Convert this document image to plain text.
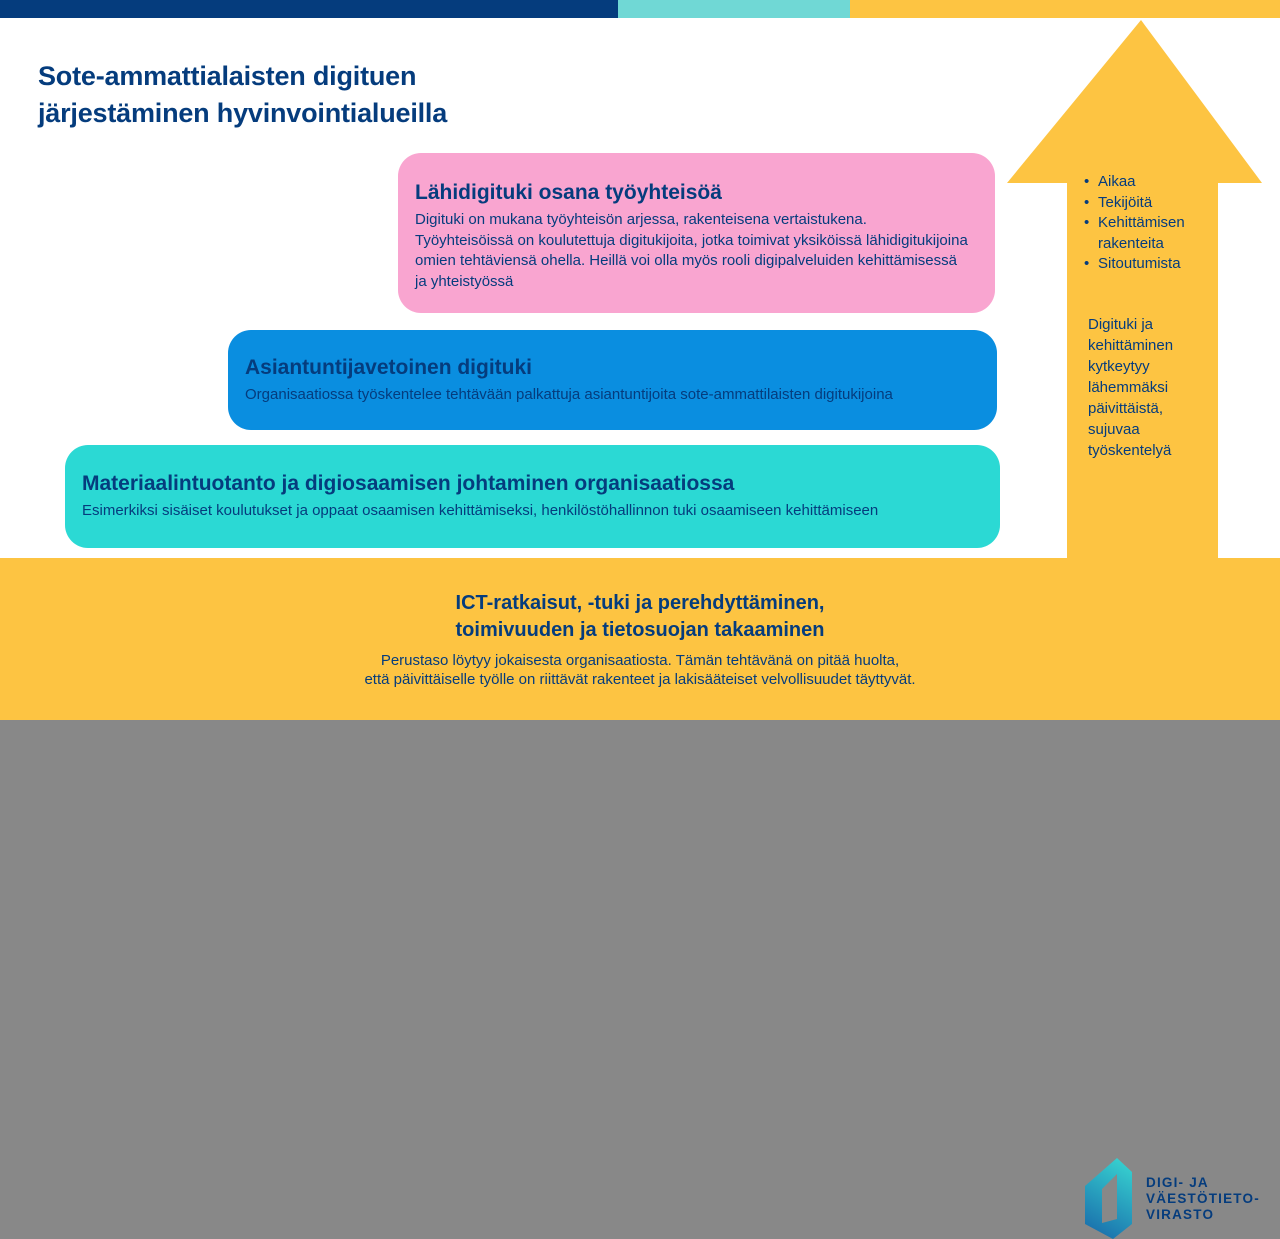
Sote-ammattialaisten digituen
järjestäminen hyvinvointialueilla
• Aikaa
• Tekijöitä
• Kehittämisen rakenteita
• Sitoutumista
Digituki ja kehittäminen kytkeytyy lähemmäksi päivittäistä, sujuvaa työskentelyä
Lähidigituki osana työyhteisöä
Digituki on mukana työyhteisön arjessa, rakenteisena vertaistukena. Työyhteisöissä on koulutettuja digitukijoita, jotka toimivat yksiköissä lähidigitukijoina omien tehtäviensä ohella. Heillä voi olla myös rooli digipalveluiden kehittämisessä ja yhteistyössä
Asiantuntijavetoinen digituki
Organisaatiossa työskentelee tehtävään palkattuja asiantuntijoita sote-ammattilaisten digitukijoina
Materiaalintuotanto ja digiosaamisen johtaminen organisaatiossa
Esimerkiksi sisäiset koulutukset ja oppaat osaamisen kehittämiseksi, henkilöstöhallinnon tuki osaamiseen kehittämiseen
ICT-ratkaisut, -tuki ja perehdyttäminen,
toimivuuden ja tietosuojan takaaminen
Perustaso löytyy jokaisesta organisaatiosta. Tämän tehtävänä on pitää huolta,
että päivittäiselle työlle on riittävät rakenteet ja lakisääteiset velvollisuudet täyttyvät.
DIGI- JA
VÄESTÖTIETO-
VIRASTO
